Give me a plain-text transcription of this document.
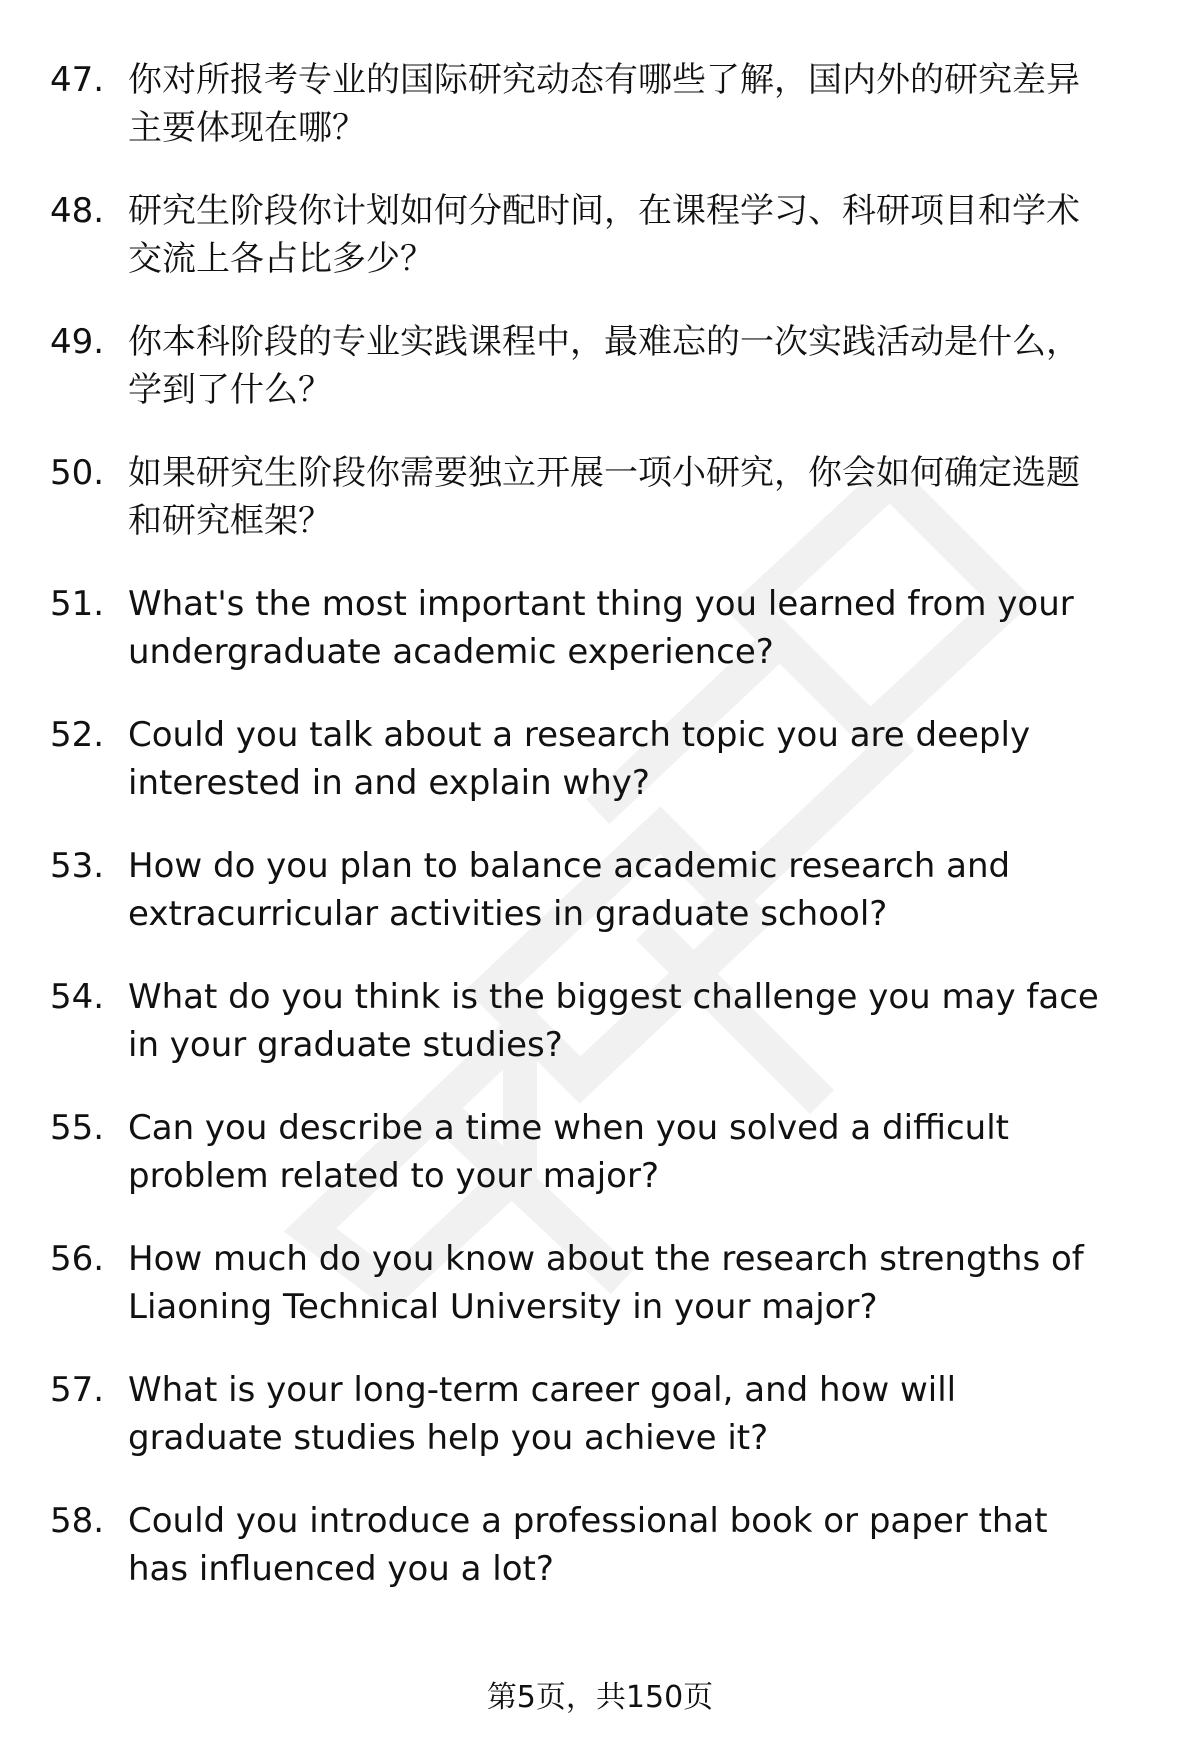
47. 你对所报考专业的国际研究动态有哪些了解，国内外的研究差异主要体现在哪？
48. 研究生阶段你计划如何分配时间，在课程学习、科研项目和学术交流上各占比多少？
49. 你本科阶段的专业实践课程中，最难忘的一次实践活动是什么，学到了什么？
50. 如果研究生阶段你需要独立开展一项小研究，你会如何确定选题和研究框架？
51. What's the most important thing you learned from your undergraduate academic experience?
52. Could you talk about a research topic you are deeply interested in and explain why?
53. How do you plan to balance academic research and extracurricular activities in graduate school?
54. What do you think is the biggest challenge you may face in your graduate studies?
55. Can you describe a time when you solved a difficult problem related to your major?
56. How much do you know about the research strengths of Liaoning Technical University in your major?
57. What is your long-term career goal, and how will graduate studies help you achieve it?
58. Could you introduce a professional book or paper that has influenced you a lot?
第5页，共150页
